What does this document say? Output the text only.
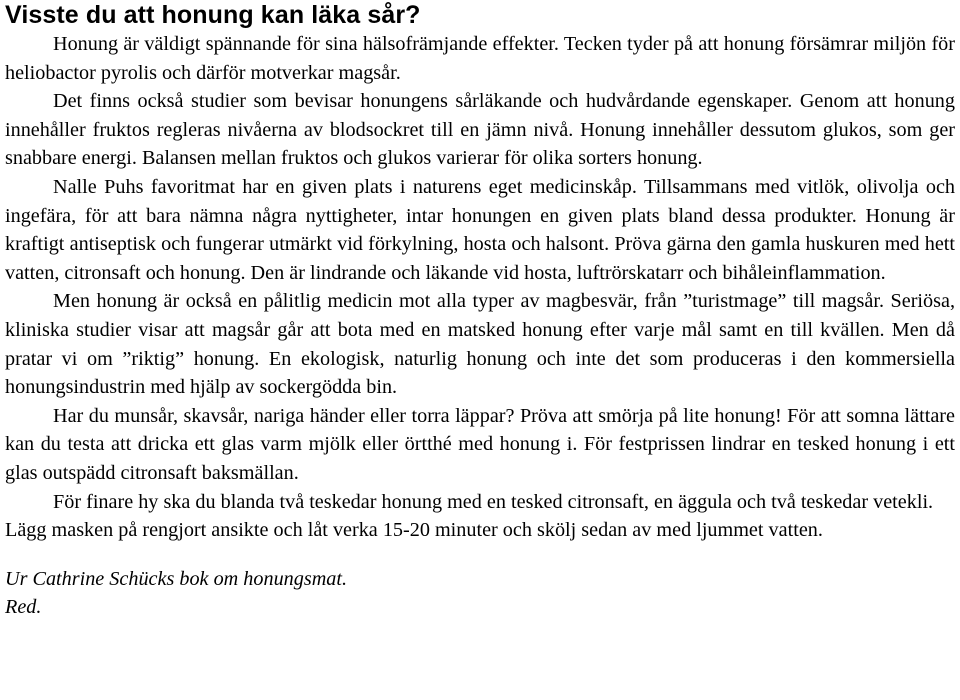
Visste du att honung kan läka sår?

Honung är väldigt spännande för sina hälsofrämjande effekter. Tecken tyder på att honung försämrar miljön för heliobactor pyrolis och därför motverkar magsår.

Det finns också studier som bevisar honungens sårläkande och hudvårdande egenskaper. Genom att honung innehåller fruktos regleras nivåerna av blodsockret till en jämn nivå. Honung innehåller dessutom glukos, som ger snabbare energi. Balansen mellan fruktos och glukos varierar för olika sorters honung.

Nalle Puhs favoritmat har en given plats i naturens eget medicinskåp. Tillsammans med vitlök, olivolja och ingefära, för att bara nämna några nyttigheter, intar honungen en given plats bland dessa produkter. Honung är kraftigt antiseptisk och fungerar utmärkt vid förkylning, hosta och halsont. Pröva gärna den gamla huskuren med hett vatten, citronsaft och honung. Den är lindrande och läkande vid hosta, luftrörskatarr och bihåleinflammation.

Men honung är också en pålitlig medicin mot alla typer av magbesvär, från ”turistmage” till magsår. Seriösa, kliniska studier visar att magsår går att bota med en matsked honung efter varje mål samt en till kvällen. Men då pratar vi om ”riktig” honung. En ekologisk, naturlig honung och inte det som produceras i den kommersiella honungsindustrin med hjälp av sockergödda bin.

Har du munsår, skavsår, nariga händer eller torra läppar? Pröva att smörja på lite honung! För att somna lättare kan du testa att dricka ett glas varm mjölk eller örtthé med honung i. För festprissen lindrar en tesked honung i ett glas outspädd citronsaft baksmällan.

För finare hy ska du blanda två teskedar honung med en tesked citronsaft, en äggula och två teskedar vetekli. Lägg masken på rengjort ansikte och låt verka 15-20 minuter och skölj sedan av med ljummet vatten.

Ur Cathrine Schücks bok om honungsmat.
Red.
